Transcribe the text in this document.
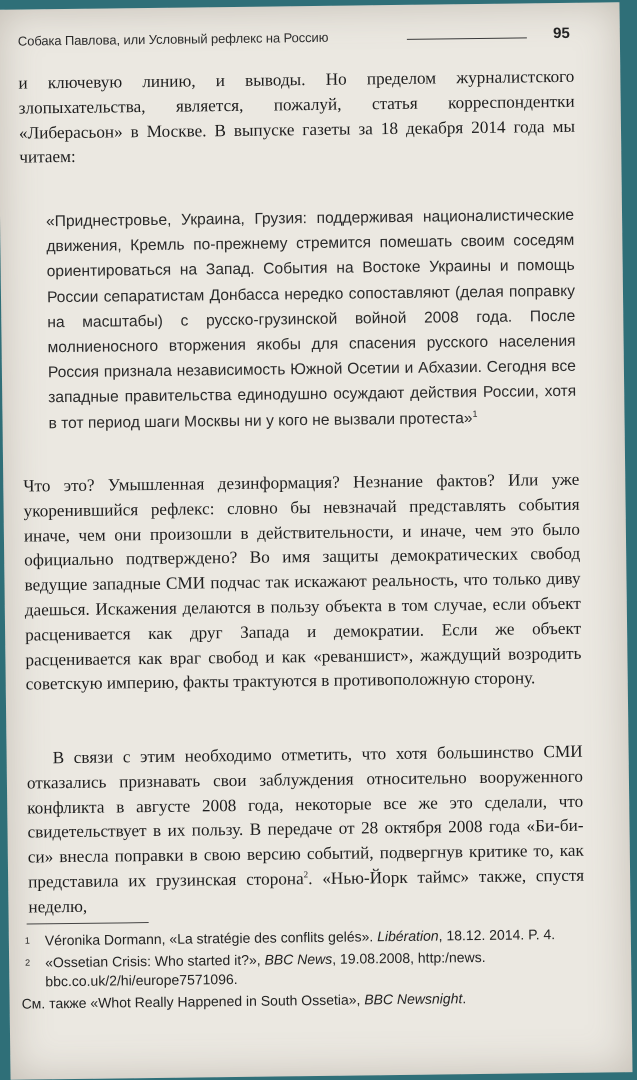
Собака Павлова, или Условный рефлекс на Россию	95
и ключевую линию, и выводы. Но пределом журналистского злопыхательства, является, пожалуй, статья корреспондентки «Либерасьон» в Москве. В выпуске газеты за 18 декабря 2014 года мы читаем:
«Приднестровье, Украина, Грузия: поддерживая националистические движения, Кремль по-прежнему стремится помешать своим соседям ориентироваться на Запад. События на Востоке Украины и помощь России сепаратистам Донбасса нередко сопоставляют (делая поправку на масштабы) с русско-грузинской войной 2008 года. После молниеносного вторжения якобы для спасения русского населения Россия признала независимость Южной Осетии и Абхазии. Сегодня все западные правительства единодушно осуждают действия России, хотя в тот период шаги Москвы ни у кого не вызвали протеста»$^1$
Что это? Умышленная дезинформация? Незнание фактов? Или уже укоренившийся рефлекс: словно бы невзначай представлять события иначе, чем они произошли в действительности, и иначе, чем это было официально подтверждено? Во имя защиты демократических свобод ведущие западные СМИ подчас так искажают реальность, что только диву даешься. Искажения делаются в пользу объекта в том случае, если объект расценивается как друг Запада и демократии. Если же объект расценивается как враг свобод и как «реваншист», жаждущий возродить советскую империю, факты трактуются в противоположную сторону.
В связи с этим необходимо отметить, что хотя большинство СМИ отказались признавать свои заблуждения относительно вооруженного конфликта в августе 2008 года, некоторые все же это сделали, что свидетельствует в их пользу. В передаче от 28 октября 2008 года «Би-би-си» внесла поправки в свою версию событий, подвергнув критике то, как представила их грузинская сторона$^2$. «Нью-Йорк таймс» также, спустя неделю,
1 Véronika Dormann, «La stratégie des conflits gelés». Libération, 18.12. 2014. P. 4.
2 «Ossetian Crisis: Who started it?», BBC News, 19.08.2008, http:/news. bbc.co.uk/2/hi/europe7571096.
См. также «Whot Really Happened in South Ossetia», BBC Newsnight.
